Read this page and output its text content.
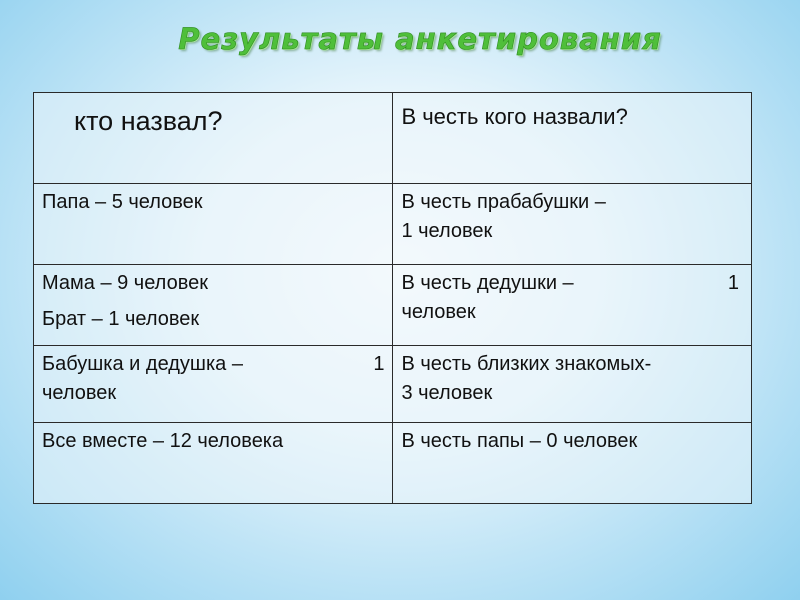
Результаты анкетирования
кто назвал?	В честь кого назвали?

Папа – 5 человек	В честь прабабушки –
1 человек

Мама – 9 человек
Брат – 1 человек	В честь дедушки – 1
человек

Бабушка и дедушка – 1
человек	В честь близких знакомых-
3 человек

Все вместе – 12 человека	В честь папы – 0 человек
